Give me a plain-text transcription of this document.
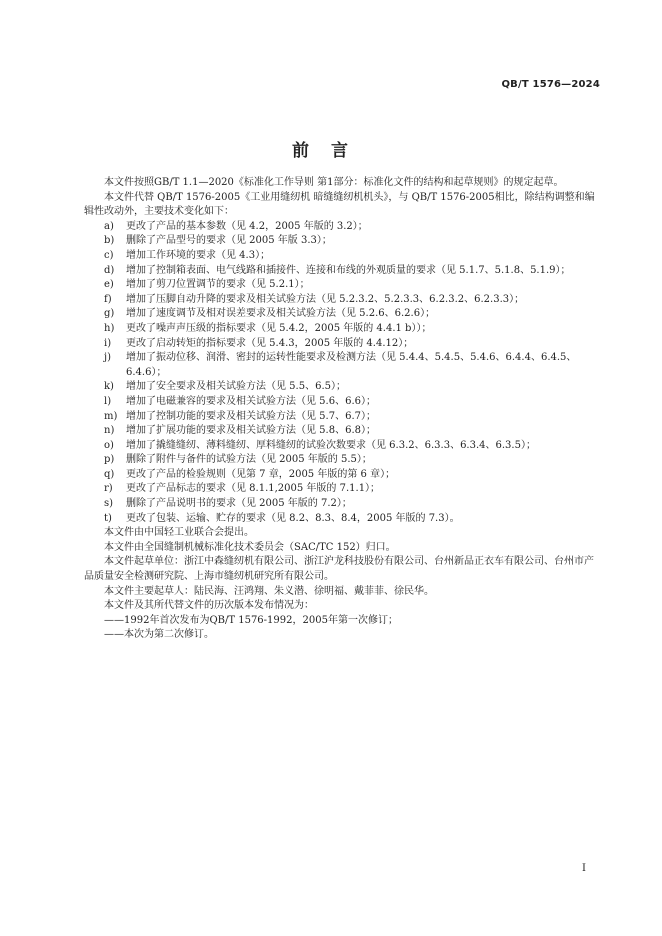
QB/T 1576—2024
前言

本文件按照GB/T 1.1—2020《标准化工作导则 第1部分：标准化文件的结构和起草规则》的规定起草。

本文件代替 QB/T 1576-2005《工业用缝纫机 暗缝缝纫机机头》，与 QB/T 1576-2005相比，除结构调整和编辑性改动外，主要技术变化如下：

a)	更改了产品的基本参数（见 4.2，2005 年版的 3.2）；
b)	删除了产品型号的要求（见 2005 年版 3.3）；
c)	增加工作环境的要求（见 4.3）；
d)	增加了控制箱表面、电气线路和插接件、连接和布线的外观质量的要求（见 5.1.7、5.1.8、5.1.9）；
e)	增加了剪刀位置调节的要求（见 5.2.1）；
f)	增加了压脚自动升降的要求及相关试验方法（见 5.2.3.2、5.2.3.3、6.2.3.2、6.2.3.3）；
g)	增加了速度调节及相对误差要求及相关试验方法（见 5.2.6、6.2.6）；
h)	更改了噪声声压级的指标要求（见 5.4.2，2005 年版的 4.4.1 b））；
i)	更改了启动转矩的指标要求（见 5.4.3，2005 年版的 4.4.12）；
j)	增加了振动位移、润滑、密封的运转性能要求及检测方法（见 5.4.4、5.4.5、5.4.6、6.4.4、6.4.5、6.4.6）；
k)	增加了安全要求及相关试验方法（见 5.5、6.5）；
l)	增加了电磁兼容的要求及相关试验方法（见 5.6、6.6）；
m) 增加了控制功能的要求及相关试验方法（见 5.7、6.7）；
n)	增加了扩展功能的要求及相关试验方法（见 5.8、6.8）；
o)	增加了撬缝缝纫、薄料缝纫、厚料缝纫的试验次数要求（见 6.3.2、6.3.3、6.3.4、6.3.5）；
p)	删除了附件与备件的试验方法（见 2005 年版的 5.5）；
q)	更改了产品的检验规则（见第 7 章，2005 年版的第 6 章）；
r)	更改了产品标志的要求（见 8.1.1,2005 年版的 7.1.1）；
s)	删除了产品说明书的要求（见 2005 年版的 7.2）；
t)	更改了包装、运输、贮存的要求（见 8.2、8.3、8.4，2005 年版的 7.3）。

本文件由中国轻工业联合会提出。

本文件由全国缝制机械标准化技术委员会（SAC/TC 152）归口。

本文件起草单位：浙江中森缝纫机有限公司、浙江沪龙科技股份有限公司、台州新品正衣车有限公司、台州市产品质量安全检测研究院、上海市缝纫机研究所有限公司。

本文件主要起草人：陆民海、汪鸿翔、朱义潜、徐明福、戴菲菲、徐民华。

本文件及其所代替文件的历次版本发布情况为：

——1992年首次发布为QB/T 1576-1992，2005年第一次修订；

——本次为第二次修订。

I
